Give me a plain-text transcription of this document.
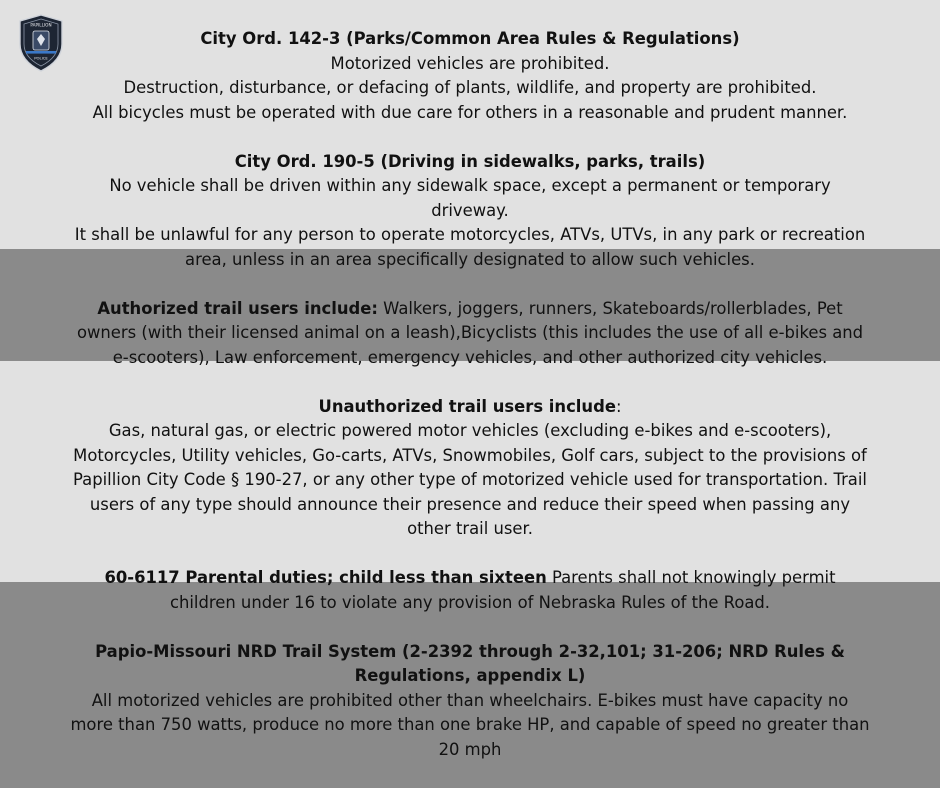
PAPILLION
POLICE

City Ord. 142-3 (Parks/Common Area Rules & Regulations)

Motorized vehicles are prohibited.

Destruction, disturbance, or defacing of plants, wildlife, and property are prohibited.

All bicycles must be operated with due care for others in a reasonable and prudent manner.

City Ord. 190-5 (Driving in sidewalks, parks, trails)

No vehicle shall be driven within any sidewalk space, except a permanent or temporary driveway.

It shall be unlawful for any person to operate motorcycles, ATVs, UTVs, in any park or recreation area, unless in an area specifically designated to allow such vehicles.

Authorized trail users include: Walkers, joggers, runners, Skateboards/rollerblades, Pet owners (with their licensed animal on a leash),Bicyclists (this includes the use of all e-bikes and e-scooters), Law enforcement, emergency vehicles, and other authorized city vehicles.

Unauthorized trail users include:

Gas, natural gas, or electric powered motor vehicles (excluding e-bikes and e-scooters), Motorcycles, Utility vehicles, Go-carts, ATVs, Snowmobiles, Golf cars, subject to the provisions of Papillion City Code § 190-27, or any other type of motorized vehicle used for transportation. Trail users of any type should announce their presence and reduce their speed when passing any other trail user.

60-6117 Parental duties; child less than sixteen Parents shall not knowingly permit children under 16 to violate any provision of Nebraska Rules of the Road.

Papio-Missouri NRD Trail System (2-2392 through 2-32,101; 31-206; NRD Rules & Regulations, appendix L)

All motorized vehicles are prohibited other than wheelchairs. E-bikes must have capacity no more than 750 watts, produce no more than one brake HP, and capable of speed no greater than 20 mph
